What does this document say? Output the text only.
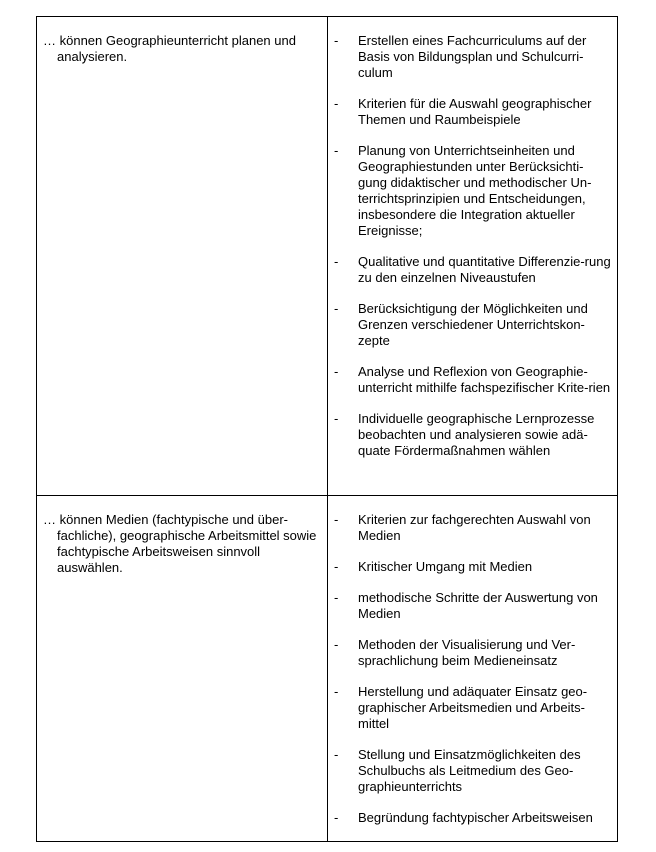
… können Geographieunterricht planen und analysieren.

- Erstellen eines Fachcurriculums auf der Basis von Bildungsplan und Schulcurri-culum
- Kriterien für die Auswahl geographischer Themen und Raumbeispiele
- Planung von Unterrichtseinheiten und Geographiestunden unter Berücksichti-gung didaktischer und methodischer Un-terrichtsprinzipien und Entscheidungen, insbesondere die Integration aktueller Ereignisse;
- Qualitative und quantitative Differenzie-rung zu den einzelnen Niveaustufen
- Berücksichtigung der Möglichkeiten und Grenzen verschiedener Unterrichtskon-zepte
- Analyse und Reflexion von Geographie-unterricht mithilfe fachspezifischer Krite-rien
- Individuelle geographische Lernprozesse beobachten und analysieren sowie adä-quate Fördermaßnahmen wählen

… können Medien (fachtypische und über-fachliche), geographische Arbeitsmittel sowie fachtypische Arbeitsweisen sinnvoll auswählen.

- Kriterien zur fachgerechten Auswahl von Medien
- Kritischer Umgang mit Medien
- methodische Schritte der Auswertung von Medien
- Methoden der Visualisierung und Ver-sprachlichung beim Medieneinsatz
- Herstellung und adäquater Einsatz geo-graphischer Arbeitsmedien und Arbeits-mittel
- Stellung und Einsatzmöglichkeiten des Schulbuchs als Leitmedium des Geo-graphieunterrichts
- Begründung fachtypischer Arbeitsweisen
